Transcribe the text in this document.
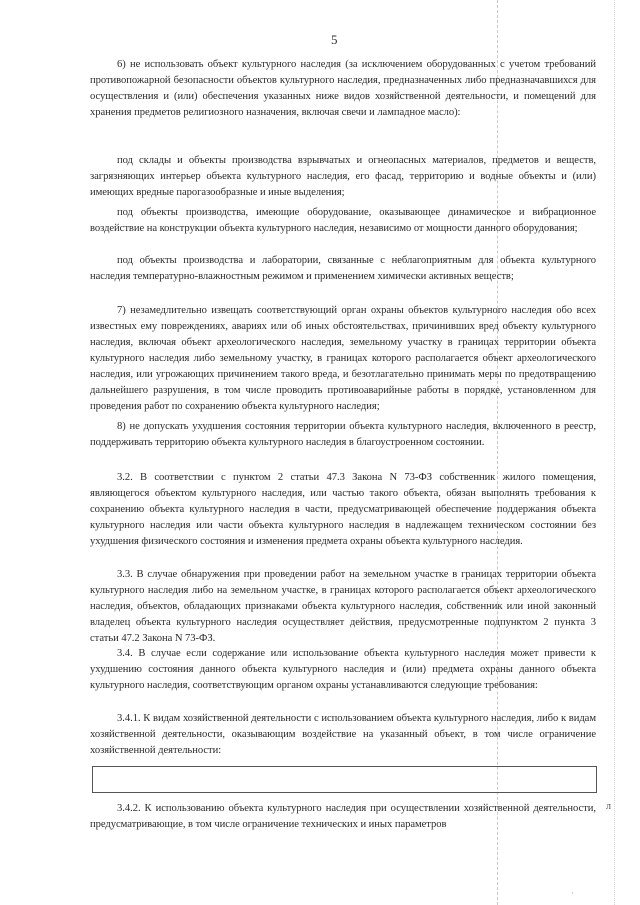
5

6) не использовать объект культурного наследия (за исключением оборудованных с учетом требований противопожарной безопасности объектов культурного наследия, предназначенных либо предназначавшихся для осуществления и (или) обеспечения указанных ниже видов хозяйственной деятельности, и помещений для хранения предметов религиозного назначения, включая свечи и лампадное масло):

под склады и объекты производства взрывчатых и огнеопасных материалов, предметов и веществ, загрязняющих интерьер объекта культурного наследия, его фасад, территорию и водные объекты и (или) имеющих вредные парогазообразные и иные выделения;

под объекты производства, имеющие оборудование, оказывающее динамическое и вибрационное воздействие на конструкции объекта культурного наследия, независимо от мощности данного оборудования;

под объекты производства и лаборатории, связанные с неблагоприятным для объекта культурного наследия температурно-влажностным режимом и применением химически активных веществ;

7) незамедлительно извещать соответствующий орган охраны объектов культурного наследия обо всех известных ему повреждениях, авариях или об иных обстоятельствах, причинивших вред объекту культурного наследия, включая объект археологического наследия, земельному участку в границах территории объекта культурного наследия либо земельному участку, в границах которого располагается объект археологического наследия, или угрожающих причинением такого вреда, и безотлагательно принимать меры по предотвращению дальнейшего разрушения, в том числе проводить противоаварийные работы в порядке, установленном для проведения работ по сохранению объекта культурного наследия;

8) не допускать ухудшения состояния территории объекта культурного наследия, включенного в реестр, поддерживать территорию объекта культурного наследия в благоустроенном состоянии.

3.2. В соответствии с пунктом 2 статьи 47.3 Закона N 73-ФЗ собственник жилого помещения, являющегося объектом культурного наследия, или частью такого объекта, обязан выполнять требования к сохранению объекта культурного наследия в части, предусматривающей обеспечение поддержания объекта культурного наследия или части объекта культурного наследия в надлежащем техническом состоянии без ухудшения физического состояния и изменения предмета охраны объекта культурного наследия.

3.3. В случае обнаружения при проведении работ на земельном участке в границах территории объекта культурного наследия либо на земельном участке, в границах которого располагается объект археологического наследия, объектов, обладающих признаками объекта культурного наследия, собственник или иной законный владелец объекта культурного наследия осуществляет действия, предусмотренные подпунктом 2 пункта 3 статьи 47.2 Закона N 73-ФЗ.

3.4. В случае если содержание или использование объекта культурного наследия может привести к ухудшению состояния данного объекта культурного наследия и (или) предмета охраны данного объекта культурного наследия, соответствующим органом охраны устанавливаются следующие требования:

3.4.1. К видам хозяйственной деятельности с использованием объекта культурного наследия, либо к видам хозяйственной деятельности, оказывающим воздействие на указанный объект, в том числе ограничение хозяйственной деятельности:

3.4.2. К использованию объекта культурного наследия при осуществлении хозяйственной деятельности, предусматривающие, в том числе ограничение технических и иных параметров

л
·
